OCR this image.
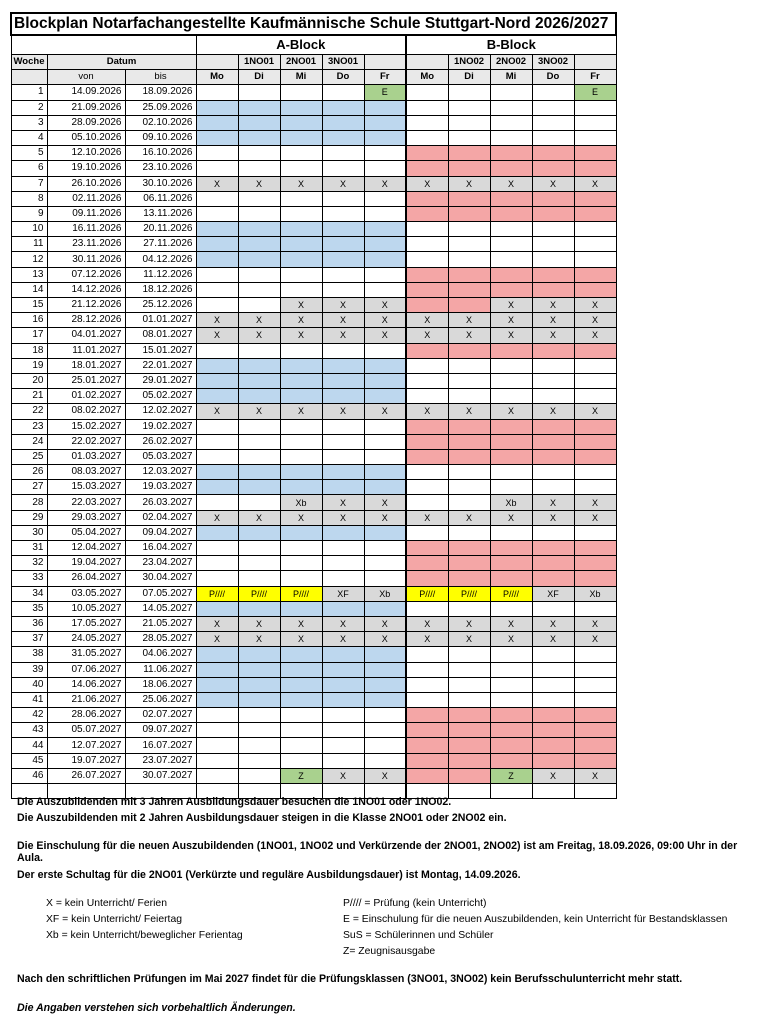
Blockplan Notarfachangestellte Kaufmännische Schule Stuttgart-Nord 2026/2027												
			A-Block					B-Block				
Woche	Datum			1NO01	2NO01	3NO01			1NO02	2NO02	3NO02	
	von	bis	Mo	Di	Mi	Do	Fr	Mo	Di	Mi	Do	Fr
1	14.09.2026	18.09.2026					E					E
2	21.09.2026	25.09.2026										
3	28.09.2026	02.10.2026										
4	05.10.2026	09.10.2026										
5	12.10.2026	16.10.2026										
6	19.10.2026	23.10.2026										
7	26.10.2026	30.10.2026	X	X	X	X	X	X	X	X	X	X
8	02.11.2026	06.11.2026										
9	09.11.2026	13.11.2026										
10	16.11.2026	20.11.2026										
11	23.11.2026	27.11.2026										
12	30.11.2026	04.12.2026										
13	07.12.2026	11.12.2026										
14	14.12.2026	18.12.2026										
15	21.12.2026	25.12.2026			X	X	X			X	X	X
16	28.12.2026	01.01.2027	X	X	X	X	X	X	X	X	X	X
17	04.01.2027	08.01.2027	X	X	X	X	X	X	X	X	X	X
18	11.01.2027	15.01.2027										
19	18.01.2027	22.01.2027										
20	25.01.2027	29.01.2027										
21	01.02.2027	05.02.2027										
22	08.02.2027	12.02.2027	X	X	X	X	X	X	X	X	X	X
23	15.02.2027	19.02.2027										
24	22.02.2027	26.02.2027										
25	01.03.2027	05.03.2027										
26	08.03.2027	12.03.2027										
27	15.03.2027	19.03.2027										
28	22.03.2027	26.03.2027			Xb	X	X			Xb	X	X
29	29.03.2027	02.04.2027	X	X	X	X	X	X	X	X	X	X
30	05.04.2027	09.04.2027										
31	12.04.2027	16.04.2027										
32	19.04.2027	23.04.2027										
33	26.04.2027	30.04.2027										
34	03.05.2027	07.05.2027	P////	P////	P////	XF	Xb	P////	P////	P////	XF	Xb
35	10.05.2027	14.05.2027										
36	17.05.2027	21.05.2027	X	X	X	X	X	X	X	X	X	X
37	24.05.2027	28.05.2027	X	X	X	X	X	X	X	X	X	X
38	31.05.2027	04.06.2027										
39	07.06.2027	11.06.2027										
40	14.06.2027	18.06.2027										
41	21.06.2027	25.06.2027										
42	28.06.2027	02.07.2027										
43	05.07.2027	09.07.2027										
44	12.07.2027	16.07.2027										
45	19.07.2027	23.07.2027										
46	26.07.2027	30.07.2027			Z	X	X			Z	X	X

Die Auszubildenden mit 3 Jahren Ausbildungsdauer besuchen die 1NO01 oder 1NO02.
Die Auszubildenden mit 2 Jahren Ausbildungsdauer steigen in die Klasse 2NO01 oder 2NO02 ein.
Die Einschulung für die neuen Auszubildenden (1NO01, 1NO02 und Verkürzende der 2NO01, 2NO02) ist am Freitag, 18.09.2026, 09:00 Uhr in der Aula.
Der erste Schultag für die 2NO01 (Verkürzte und reguläre Ausbildungsdauer) ist Montag, 14.09.2026.
X = kein Unterricht/ Ferien
XF = kein Unterricht/ Feiertag
Xb = kein Unterricht/beweglicher Ferientag
P//// = Prüfung (kein Unterricht)
E = Einschulung für die neuen Auszubildenden, kein Unterricht für Bestandsklassen
SuS = Schülerinnen und Schüler
Z= Zeugnisausgabe
Nach den schriftlichen Prüfungen im Mai 2027 findet für die Prüfungsklassen (3NO01, 3NO02) kein Berufsschulunterricht mehr statt.
Die Angaben verstehen sich vorbehaltlich Änderungen.
